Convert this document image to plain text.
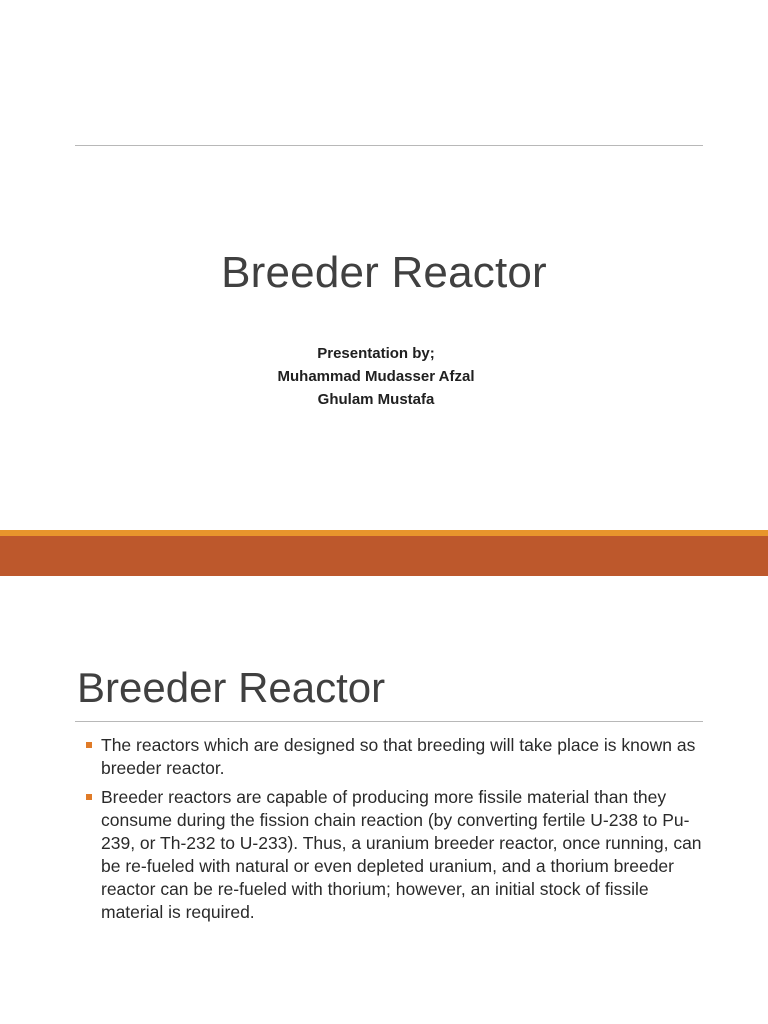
Breeder Reactor
Presentation by;
Muhammad Mudasser Afzal
Ghulam Mustafa
Breeder Reactor
The reactors which are designed so that breeding will take place is known as breeder reactor.
Breeder reactors are capable of producing more fissile material than they consume during the fission chain reaction (by converting fertile U-238 to Pu-239, or Th-232 to U-233). Thus, a uranium breeder reactor, once running, can be re-fueled with natural or even depleted uranium, and a thorium breeder reactor can be re-fueled with thorium; however, an initial stock of fissile material is required.
